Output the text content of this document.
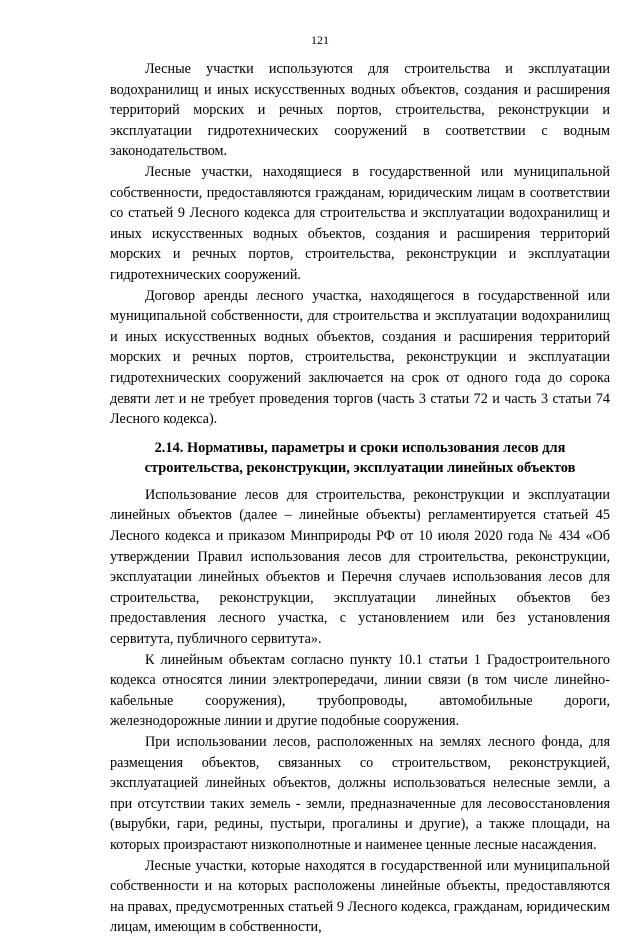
121

Лесные участки используются для строительства и эксплуатации водохранилищ и иных искусственных водных объектов, создания и расширения территорий морских и речных портов, строительства, реконструкции и эксплуатации гидротехнических сооружений в соответствии с водным законодательством.

Лесные участки, находящиеся в государственной или муниципальной собственности, предоставляются гражданам, юридическим лицам в соответствии со статьей 9 Лесного кодекса для строительства и эксплуатации водохранилищ и иных искусственных водных объектов, создания и расширения территорий морских и речных портов, строительства, реконструкции и эксплуатации гидротехнических сооружений.

Договор аренды лесного участка, находящегося в государственной или муниципальной собственности, для строительства и эксплуатации водохранилищ и иных искусственных водных объектов, создания и расширения территорий морских и речных портов, строительства, реконструкции и эксплуатации гидротехнических сооружений заключается на срок от одного года до сорока девяти лет и не требует проведения торгов (часть 3 статьи 72 и часть 3 статьи 74 Лесного кодекса).

2.14. Нормативы, параметры и сроки использования лесов для
строительства, реконструкции, эксплуатации линейных объектов

Использование лесов для строительства, реконструкции и эксплуатации линейных объектов (далее – линейные объекты) регламентируется статьей 45 Лесного кодекса и приказом Минприроды РФ от 10 июля 2020 года № 434 «Об утверждении Правил использования лесов для строительства, реконструкции, эксплуатации линейных объектов и Перечня случаев использования лесов для строительства, реконструкции, эксплуатации линейных объектов без предоставления лесного участка, с установлением или без установления сервитута, публичного сервитута».

К линейным объектам согласно пункту 10.1 статьи 1 Градостроительного кодекса относятся линии электропередачи, линии связи (в том числе линейно-кабельные сооружения), трубопроводы, автомобильные дороги, железнодорожные линии и другие подобные сооружения.

При использовании лесов, расположенных на землях лесного фонда, для размещения объектов, связанных со строительством, реконструкцией, эксплуатацией линейных объектов, должны использоваться нелесные земли, а при отсутствии таких земель - земли, предназначенные для лесовосстановления (вырубки, гари, редины, пустыри, прогалины и другие), а также площади, на которых произрастают низкополнотные и наименее ценные лесные насаждения.

Лесные участки, которые находятся в государственной или муниципальной собственности и на которых расположены линейные объекты, предоставляются на правах, предусмотренных статьей 9 Лесного кодекса, гражданам, юридическим лицам, имеющим в собственности,
